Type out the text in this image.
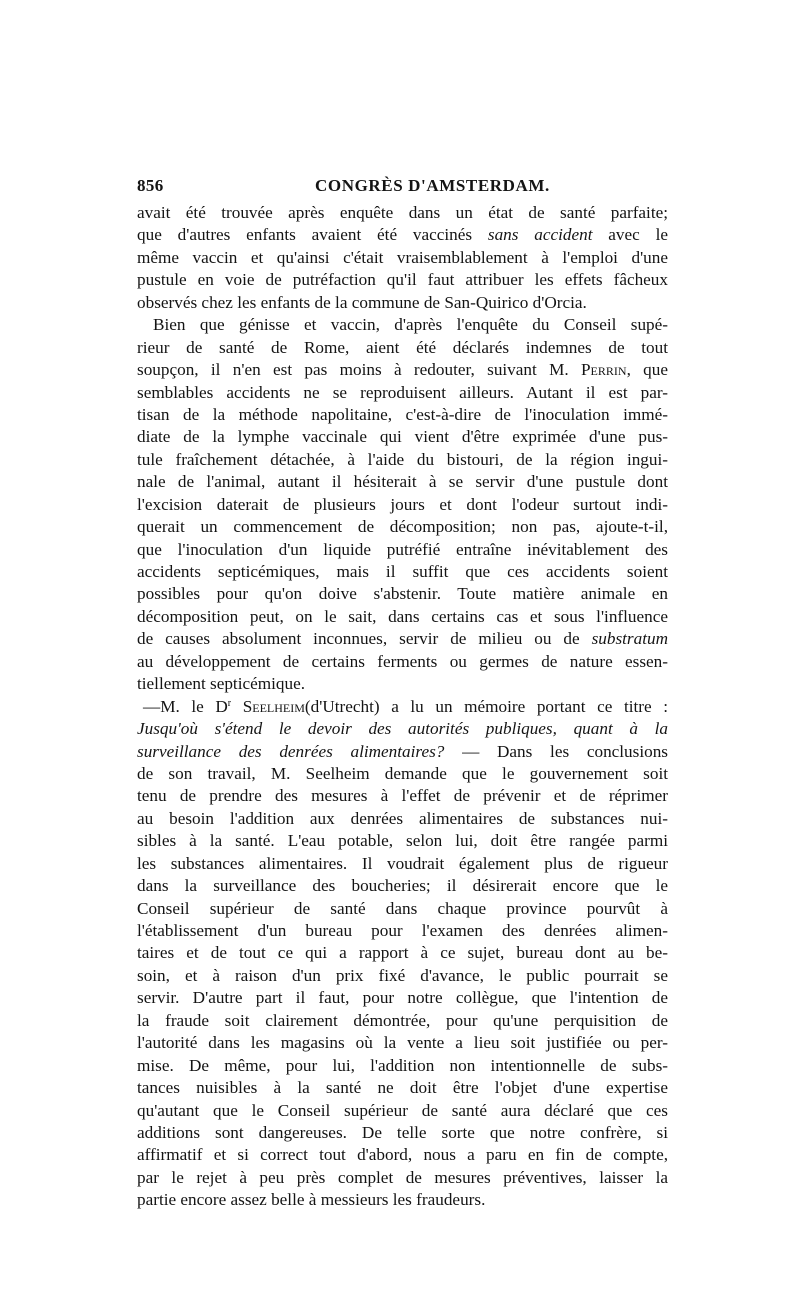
856	CONGRÈS D'AMSTERDAM.
avait été trouvée après enquête dans un état de santé parfaite;
que d'autres enfants avaient été vaccinés sans accident avec le
même vaccin et qu'ainsi c'était vraisemblablement à l'emploi d'une
pustule en voie de putréfaction qu'il faut attribuer les effets fâcheux
observés chez les enfants de la commune de San-Quirico d'Orcia.
Bien que génisse et vaccin, d'après l'enquête du Conseil supé-
rieur de santé de Rome, aient été déclarés indemnes de tout
soupçon, il n'en est pas moins à redouter, suivant M. Perrin, que
semblables accidents ne se reproduisent ailleurs. Autant il est par-
tisan de la méthode napolitaine, c'est-à-dire de l'inoculation immé-
diate de la lymphe vaccinale qui vient d'être exprimée d'une pus-
tule fraîchement détachée, à l'aide du bistouri, de la région ingui-
nale de l'animal, autant il hésiterait à se servir d'une pustule dont
l'excision daterait de plusieurs jours et dont l'odeur surtout indi-
querait un commencement de décomposition; non pas, ajoute-t-il,
que l'inoculation d'un liquide putréfié entraîne inévitablement des
accidents septicémiques, mais il suffit que ces accidents soient
possibles pour qu'on doive s'abstenir. Toute matière animale en
décomposition peut, on le sait, dans certains cas et sous l'influence
de causes absolument inconnues, servir de milieu ou de substratum
au développement de certains ferments ou germes de nature essen-
tiellement septicémique.
—M. le $D^r$ Seelheim(d'Utrecht) a lu un mémoire portant ce titre :
Jusqu'où s'étend le devoir des autorités publiques, quant à la
surveillance des denrées alimentaires? — Dans les conclusions
de son travail, M. Seelheim demande que le gouvernement soit
tenu de prendre des mesures à l'effet de prévenir et de réprimer
au besoin l'addition aux denrées alimentaires de substances nui-
sibles à la santé. L'eau potable, selon lui, doit être rangée parmi
les substances alimentaires. Il voudrait également plus de rigueur
dans la surveillance des boucheries; il désirerait encore que le
Conseil supérieur de santé dans chaque province pourvût à
l'établissement d'un bureau pour l'examen des denrées alimen-
taires et de tout ce qui a rapport à ce sujet, bureau dont au be-
soin, et à raison d'un prix fixé d'avance, le public pourrait se
servir. D'autre part il faut, pour notre collègue, que l'intention de
la fraude soit clairement démontrée, pour qu'une perquisition de
l'autorité dans les magasins où la vente a lieu soit justifiée ou per-
mise. De même, pour lui, l'addition non intentionnelle de subs-
tances nuisibles à la santé ne doit être l'objet d'une expertise
qu'autant que le Conseil supérieur de santé aura déclaré que ces
additions sont dangereuses. De telle sorte que notre confrère, si
affirmatif et si correct tout d'abord, nous a paru en fin de compte,
par le rejet à peu près complet de mesures préventives, laisser la
partie encore assez belle à messieurs les fraudeurs.
